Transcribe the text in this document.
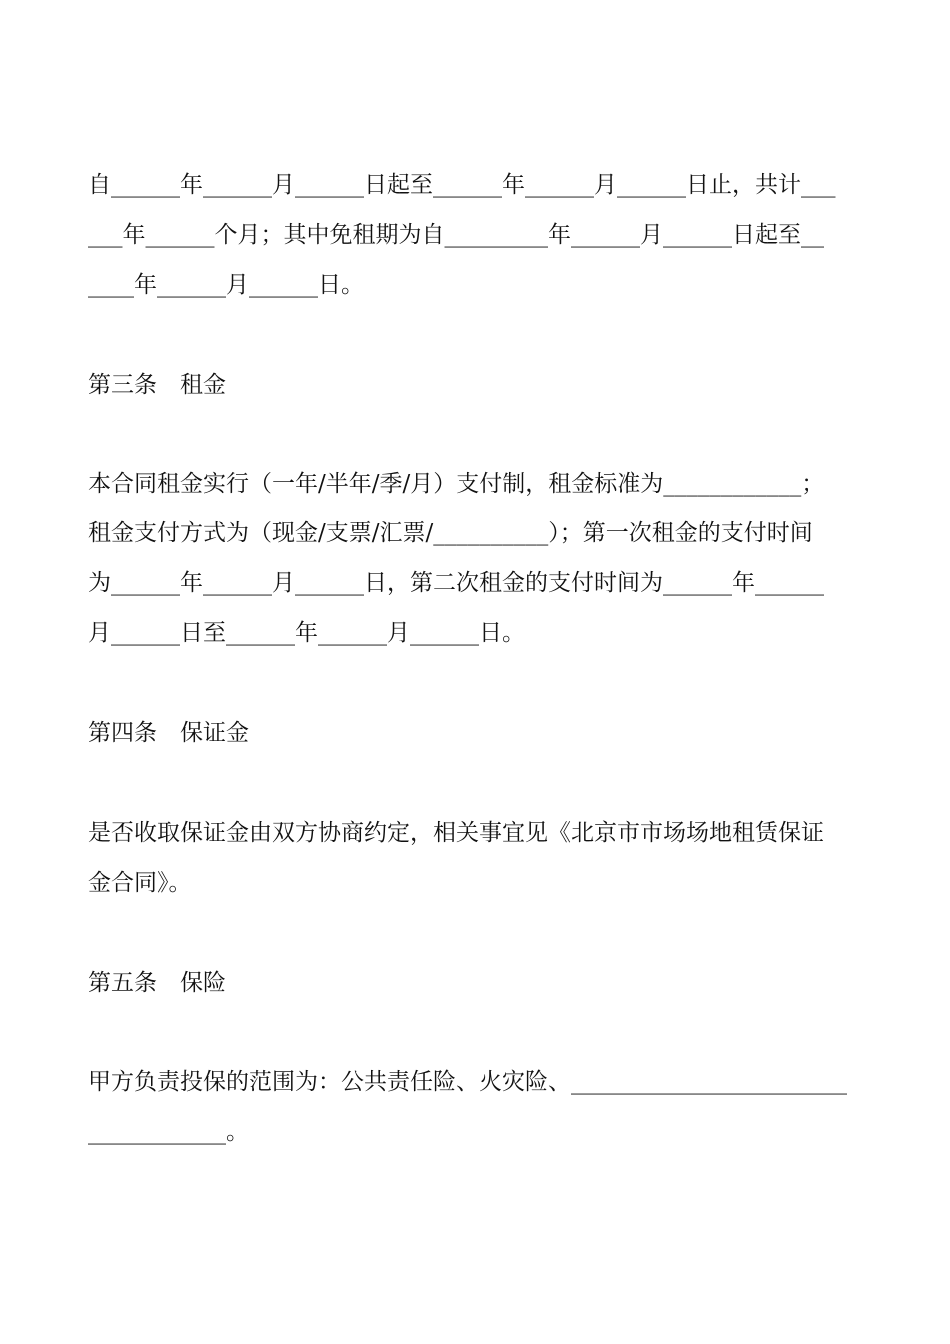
自______年______月______日起至______年______月______日止，共计___
___年______个月；其中免租期为自_________年______月______日起至__
____年______月______日。
第三条　租金
本合同租金实行（一年/半年/季/月）支付制，租金标准为____________；
租金支付方式为（现金/支票/汇票/__________）；第一次租金的支付时间
为______年______月______日，第二次租金的支付时间为______年______
月______日至______年______月______日。
第四条　保证金
是否收取保证金由双方协商约定，相关事宜见《北京市市场场地租赁保证
金合同》。
第五条　保险
甲方负责投保的范围为：公共责任险、火灾险、________________________
____________。
